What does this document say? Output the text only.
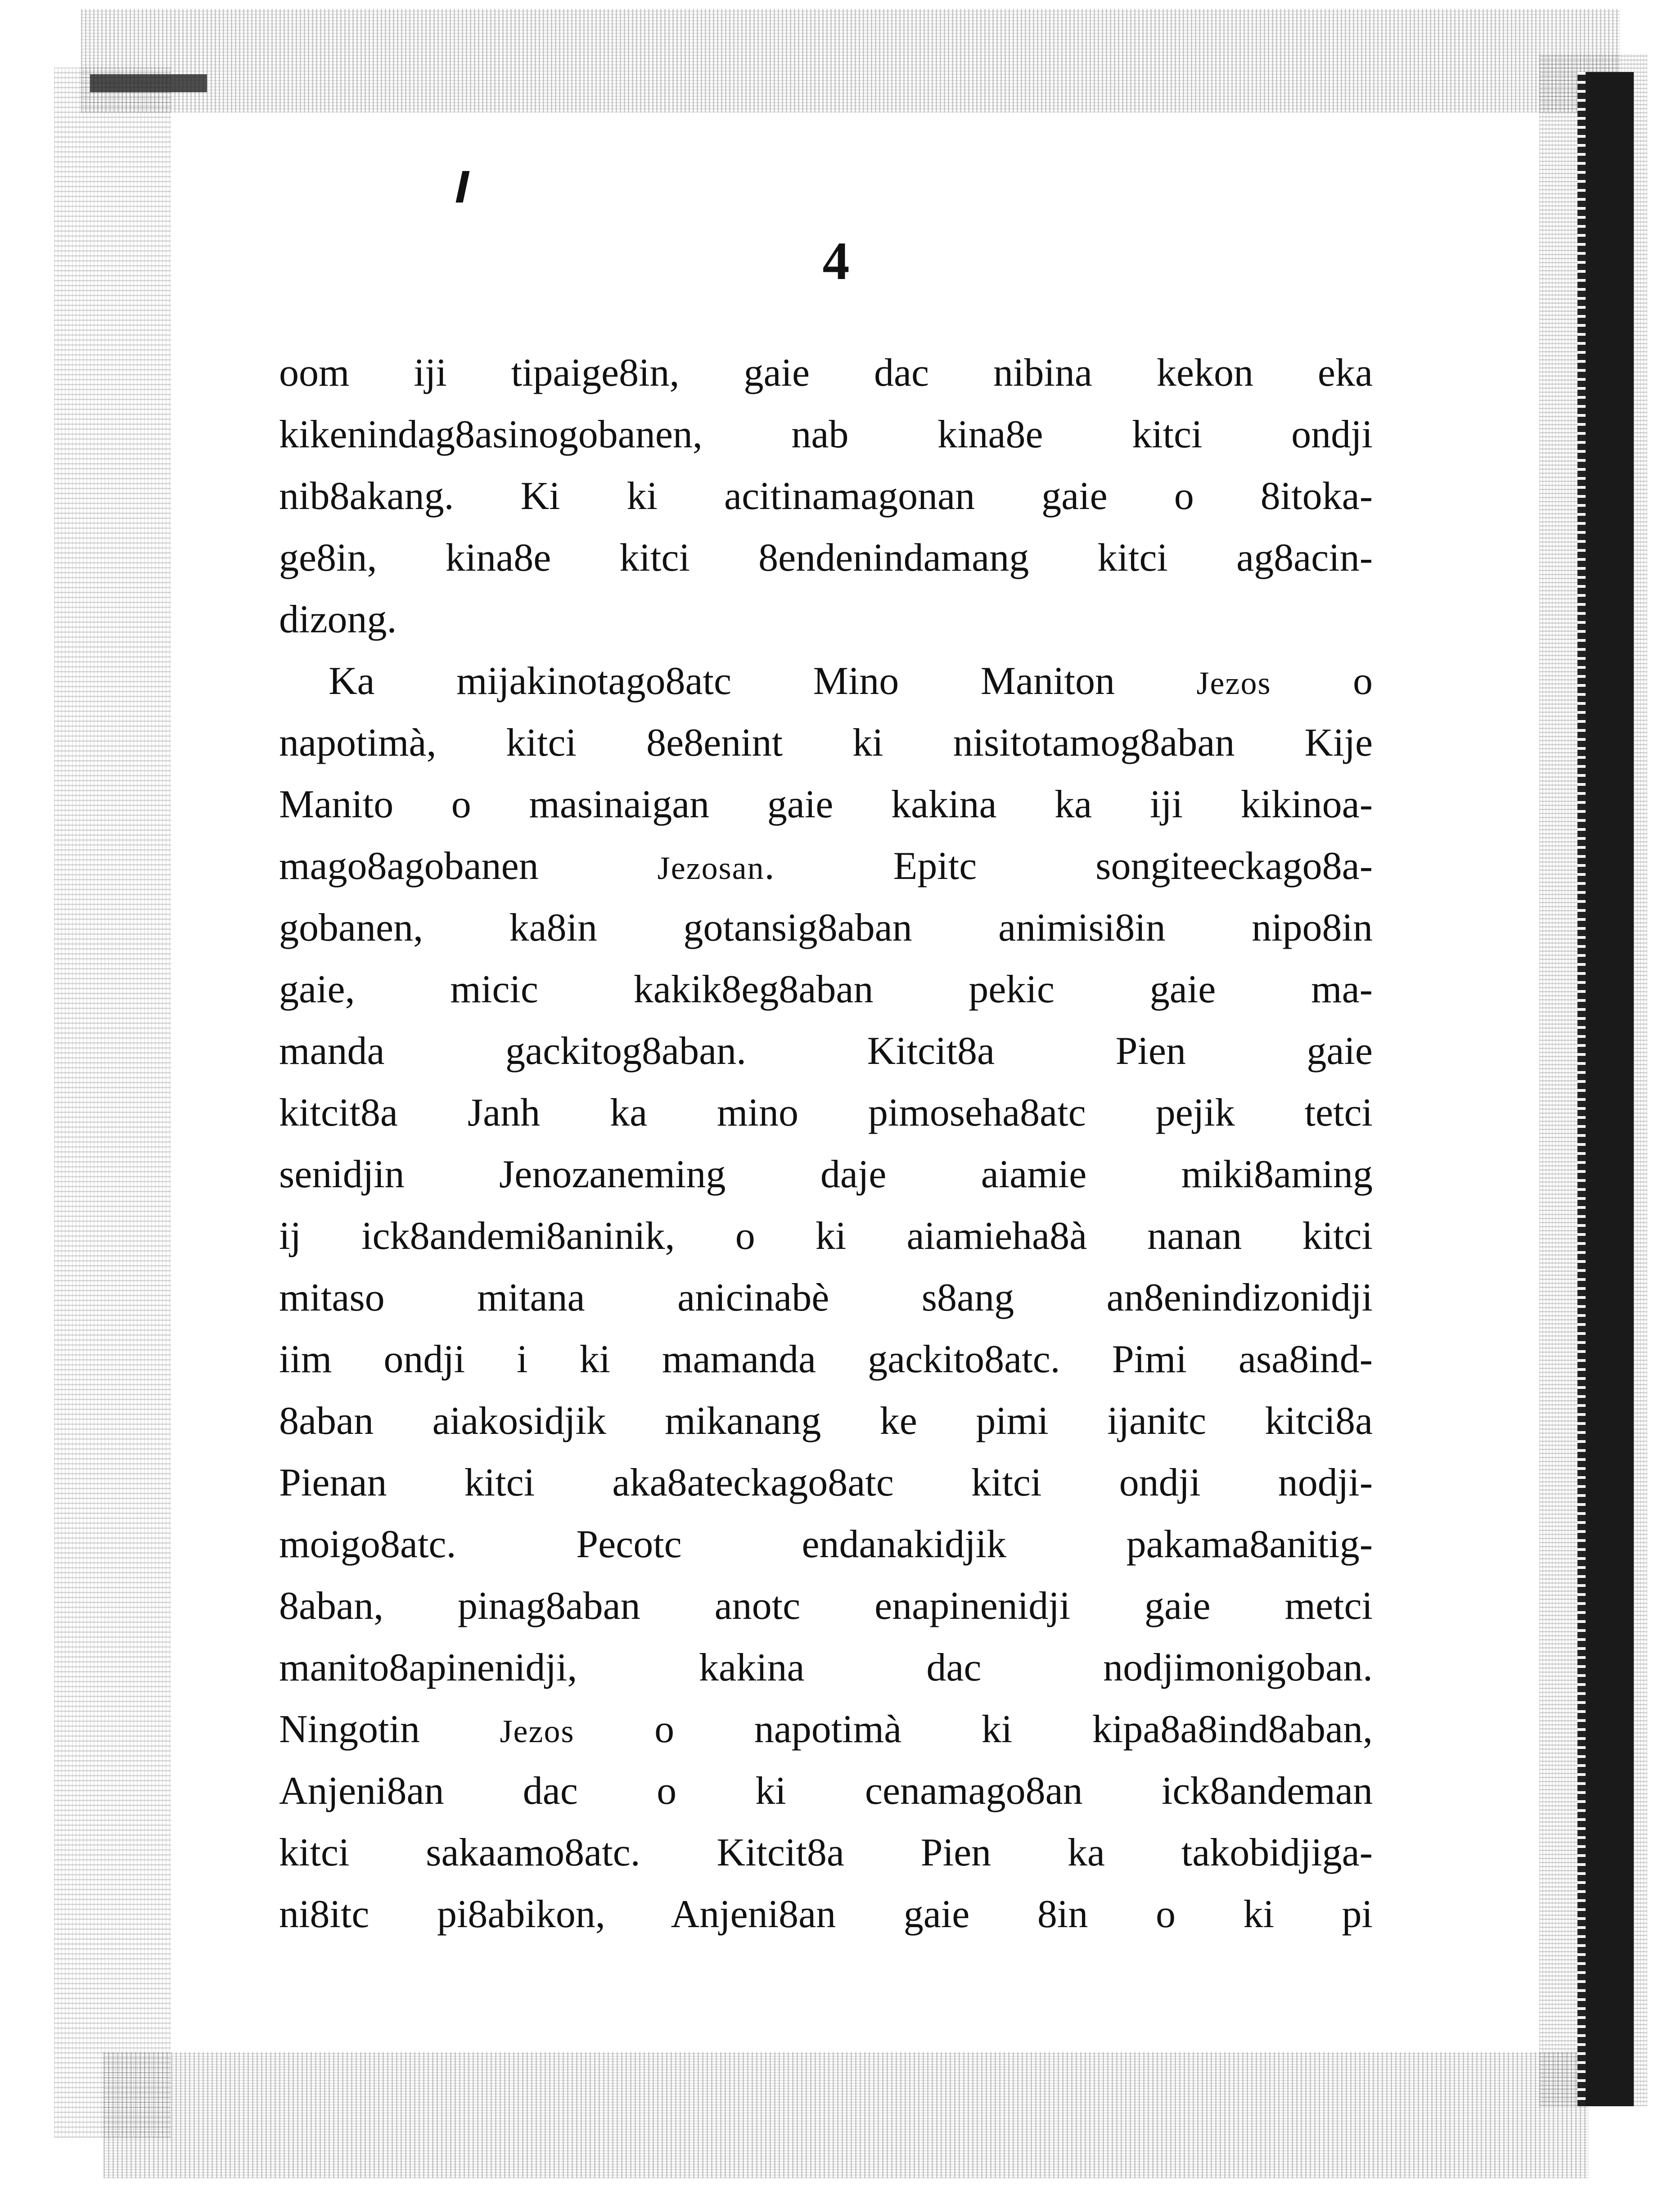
4
oom iji tipaige8in, gaie dac nibina kekon eka
kikenindag8asinogobanen, nab kina8e kitci ondji
nib8akang. Ki ki acitinamagonan gaie o 8itoka-
ge8in, kina8e kitci 8endenindamang kitci ag8acin-
dizong.
Ka mijakinotago8atc Mino Maniton Jezos o
napotimà, kitci 8e8enint ki nisitotamog8aban Kije
Manito o masinaigan gaie kakina ka iji kikinoa-
mago8agobanen Jezosan. Epitc songiteeckago8a-
gobanen, ka8in gotansig8aban animisi8in nipo8in
gaie, micic kakik8eg8aban pekic gaie ma-
manda gackitog8aban. Kitcit8a Pien gaie
kitcit8a Janh ka mino pimoseha8atc pejik tetci
senidjin Jenozaneming daje aiamie miki8aming
ij ick8andemi8aninik, o ki aiamieha8à nanan kitci
mitaso mitana anicinabè s8ang an8enindizonidji
iim ondji i ki mamanda gackito8atc. Pimi asa8ind-
8aban aiakosidjik mikanang ke pimi ijanitc kitci8a
Pienan kitci aka8ateckago8atc kitci ondji nodji-
moigo8atc. Pecotc endanakidjik pakama8anitig-
8aban, pinag8aban anotc enapinenidji gaie metci
manito8apinenidji, kakina dac nodjimonigoban.
Ningotin Jezos o napotimà ki kipa8a8ind8aban,
Anjeni8an dac o ki cenamago8an ick8andeman
kitci sakaamo8atc. Kitcit8a Pien ka takobidjiga-
ni8itc pi8abikon, Anjeni8an gaie 8in o ki pi
